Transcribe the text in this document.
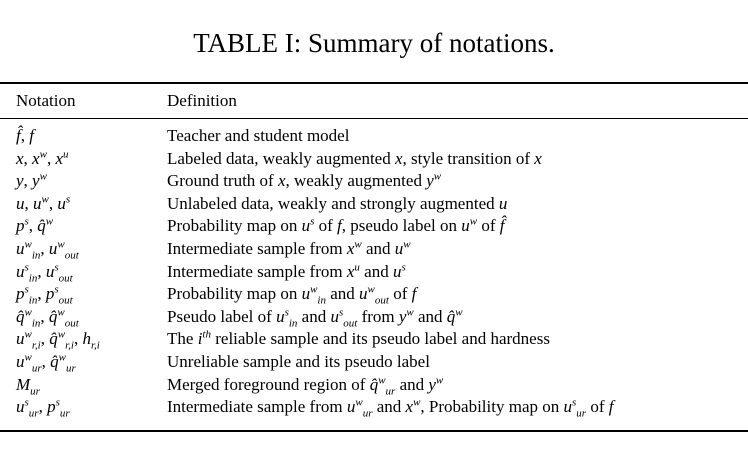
TABLE I: Summary of notations.
Notation	Definition
f̂, f	Teacher and student model
x, $x^w$, $x^u$	Labeled data, weakly augmented x, style transition of x
y, $y^w$	Ground truth of x, weakly augmented $y^w$
u, $u^w$, $u^s$	Unlabeled data, weakly and strongly augmented u
$p^s$, q̂$^w$	Probability map on $u^s$ of f, pseudo label on $u^w$ of f̂
$u^w_{in}$, $u^w_{out}$	Intermediate sample from $x^w$ and $u^w$
$u^s_{in}$, $u^s_{out}$	Intermediate sample from $x^u$ and $u^s$
$p^s_{in}$, $p^s_{out}$	Probability map on $u^w_{in}$ and $u^w_{out}$ of f
q̂$^w_{in}$, q̂$^w_{out}$	Pseudo label of $u^s_{in}$ and $u^s_{out}$ from $y^w$ and q̂$^w$
$u^w_{r,i}$, q̂$^w_{r,i}$, $h_{r,i}$	The $i^{th}$ reliable sample and its pseudo label and hardness
$u^w_{ur}$, q̂$^w_{ur}$	Unreliable sample and its pseudo label
$M_{ur}$	Merged foreground region of q̂$^w_{ur}$ and $y^w$
$u^s_{ur}$, $p^s_{ur}$	Intermediate sample from $u^w_{ur}$ and $x^w$, Probability map on $u^s_{ur}$ of f
